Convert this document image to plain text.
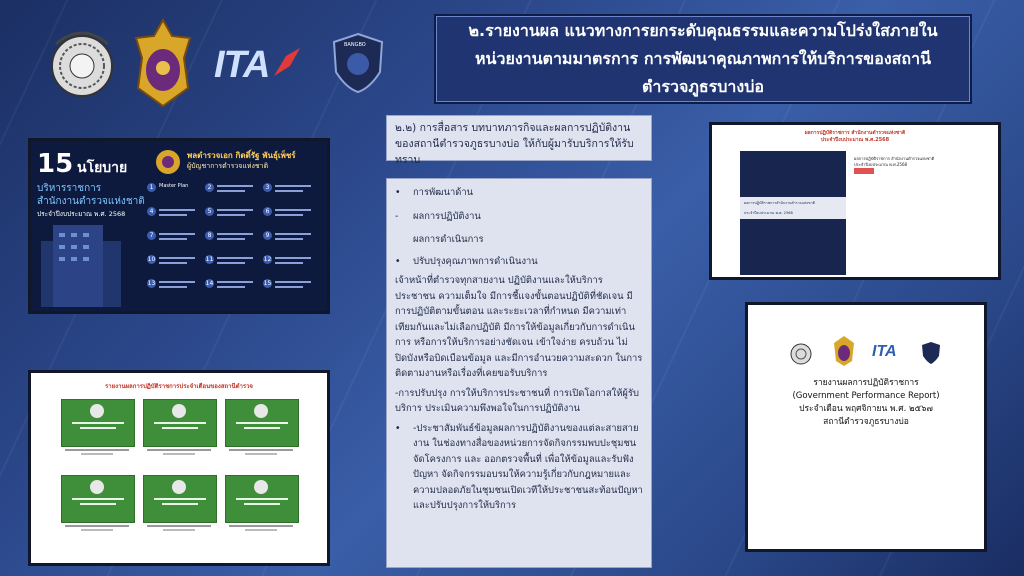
ITA	BANGBO
๒.รายงานผล แนวทางการยกระดับคุณธรรมและความโปร่งใสภายใน
หน่วยงานตามมาตรการ การพัฒนาคุณภาพการให้บริการของสถานี
ตำรวจภูธรบางบ่อ
๒.๒) การสื่อสาร บทบาทภารกิจและผลการปฏิบัติงาน
ของสถานีตำรวจภูธรบางบ่อ ให้กับผู้มารับบริการให้รับทราบ
•	การพัฒนาด้าน
-	ผลการปฏิบัติงาน
ผลการดำเนินการ
•	ปรับปรุงคุณภาพการดำเนินงาน
เจ้าหน้าที่ตำรวจทุกสายงาน ปฏิบัติงานและให้บริการประชาชน ความเต็มใจ มีการชี้แจงขั้นตอนปฏิบัติที่ชัดเจน มีการปฏิบัติตามขั้นตอน และระยะเวลาที่กำหนด มีความเท่าเทียมกันและไม่เลือกปฏิบัติ มีการให้ข้อมูลเกี่ยวกับการดำเนินการ หรือการให้บริการอย่างชัดเจน เข้าใจง่าย ครบถ้วน ไม่ปิดบังหรือบิดเบือนข้อมูล และมีการอำนวยความสะดวก ในการติดตามงานหรือเรื่องที่เคยขอรับบริการ
-การปรับปรุง การให้บริการประชาชนที่ การเปิดโอกาสให้ผู้รับบริการ ประเมินความพึงพอใจในการปฏิบัติงาน
•	-ประชาสัมพันธ์ข้อมูลผลการปฏิบัติงานของแต่ละสายสายงาน ในช่องทางสื่อของหน่วยการจัดกิจกรรมพบปะชุมชน จัดโครงการ และ ออกตรวจพื้นที่ เพื่อให้ข้อมูลและรับฟังปัญหา จัดกิจกรรมอบรมให้ความรู้เกี่ยวกับกฎหมายและความปลอดภัยในชุมชนเปิดเวทีให้ประชาชนสะท้อนปัญหาและปรับปรุงการให้บริการ
15 นโยบาย
บริหารราชการ
สำนักงานตำรวจแห่งชาติ
ประจำปีงบประมาณ พ.ศ. 2568
พลตำรวจเอก กิตติ์รัฐ พันธุ์เพ็ชร์
ผู้บัญชาการตำรวจแห่งชาติ
1	Master Plan	2	3
4	5	6
7	8	9
10	11	12
13	14	15
รายงานผลการปฏิบัติราชการประจำเดือนของสถานีตำรวจ
ผลการปฏิบัติราชการ สำนักงานตำรวจแห่งชาติ
ประจำปีงบประมาณ พ.ศ.2568
ผลการปฏิบัติราชการสำนักงานตำรวจแห่งชาติ
ประจำปีงบประมาณ พ.ศ. 2568
ผลการปฏิบัติราชการ สำนักงานตำรวจแห่งชาติ
ประจำปีงบประมาณ พ.ศ.2568
ITA
รายงานผลการปฏิบัติราชการ
(Government Performance Report)
ประจำเดือน พฤศจิกายน พ.ศ. ๒๕๖๗
สถานีตำรวจภูธรบางบ่อ
